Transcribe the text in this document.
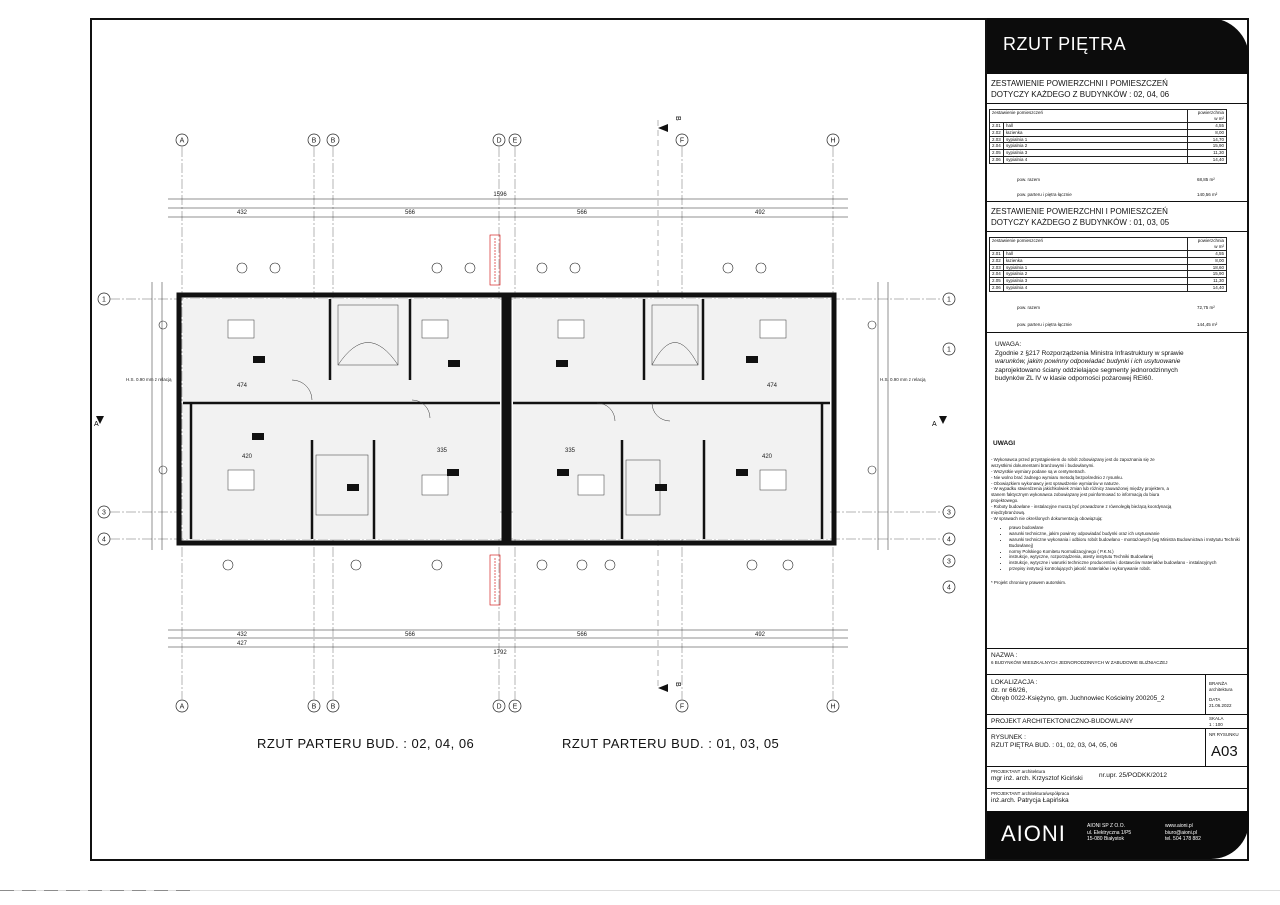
A	B B	D E	F	H
A	B B	D E	F	H
1
3
4
1
1
3
4
3
4
1596
432	566	566	492
432	566	566	492
427
1792
474	474
335	335
420	420
B
B
A	A
H.S. 0.90 mm z relacją	H.S. 0.90 mm z relacją
RZUT PARTERU BUD. : 02, 04, 06	RZUT PARTERU BUD. : 01, 03, 05
RZUT PIĘTRA
ZESTAWIENIE POWIERZCHNI I POMIESZCZEŃ
DOTYCZY KAŻDEGO Z BUDYNKÓW : 02, 04, 06
zestawienie pomieszczeń		powierzchnia
w m²
2.01	hall	4,55
2.02	łazienka	8,00
2.03	sypialnia 1	14,70
2.04	sypialnia 2	15,90
2.05	sypialnia 3	11,30
2.06	sypialnia 4	14,40
pow. razem	68,85 m²
pow. parteru i piętra łącznie	140,56 m²
ZESTAWIENIE POWIERZCHNI I POMIESZCZEŃ
DOTYCZY KAŻDEGO Z BUDYNKÓW : 01, 03, 05
zestawienie pomieszczeń		powierzchnia
w m²
2.01	hall	4,55
2.02	łazienka	8,00
2.03	sypialnia 1	18,60
2.04	sypialnia 2	15,90
2.05	sypialnia 3	11,30
2.06	sypialnia 4	14,40
pow. razem	72,75 m²
pow. parteru i piętra łącznie	144,45 m²
UWAGA:
Zgodnie z §217 Rozporządzenia Ministra Infrastruktury w sprawie
warunków, jakim powinny odpowiadać budynki i ich usytuowanie
zaprojektowano ściany oddzielające segmenty jednorodzinnych
budynków ZL IV w klasie odporności pożarowej REI60.
UWAGI
- Wykonawca przed przystąpieniem do robót zobowiązany jest do zapoznania się ze
wszystkimi dokumentami branżowymi i budowlanymi.
- Wszystkie wymiary podane są w centymetrach.
- Nie wolno brać żadnego wymiaru metodą bezpośrednio z rysunku.
- Obowiązkiem wykonawcy jest sprawdzenie wymiarów w naturze.
- W wypadku stwierdzenia jakichkolwiek zmian lub różnicy zauważonej między projektem, a
stanem faktycznym wykonawca zobowiązany jest poinformować to informacją do biura
projektowego.
- Roboty budowlane - instalacyjne muszą być prowadzone z równoległą bieżącą koordynacją
międzybranżową.
- W sprawach nie określonych dokumentacją obowiązują:
• prawo budowlane
• warunki techniczne, jakim powinny odpowiadać budynki oraz ich usytuowanie
• warunki techniczne wykonania i odbioru robót budowlano - montażowych (wg Ministra Budownictwa i Instytutu Techniki Budowlanej)
• normy Polskiego Komitetu Normalizacyjnego ( P.K.N.)
• instrukcje, wytyczne, rozporządzenia, atesty instytutu Techniki Budowlanej
• instrukcje, wytyczne i warunki techniczne producentów i dostawców materiałów budowlano - instalacyjnych
• przepisy instytucji kontrolujących jakość materiałów i wykonywanie robót.
* Projekt chroniony prawem autorskim.
NAZWA :
6 BUDYNKÓW MIESZKALNYCH JEDNORODZINNYCH W ZABUDOWIE BLIŹNIACZEJ
LOKALIZACJA :
dz. nr 66/26,
Obręb 0022-Księżyno, gm. Juchnowiec Kościelny 200205_2
BRANŻA
architektura
DATA
21.06.2022
PROJEKT ARCHITEKTONICZNO-BUDOWLANY	SKALA
1 : 100
RYSUNEK :
RZUT PIĘTRA BUD. : 01, 02, 03, 04, 05, 06
NR RYSUNKU
A03
PROJEKTANT architektura
mgr inż. arch. Krzysztof Kiciński	nr.upr. 25/PODKK/2012
PROJEKTANT architektura/współpraca
inż.arch. Patrycja Łapińska
AIONI	AIONI SP Z O.O.
ul. Elektryczna 1/P5
15-080 Białystok
www.aioni.pl
biuro@aioni.pl
tel. 504 178 882
